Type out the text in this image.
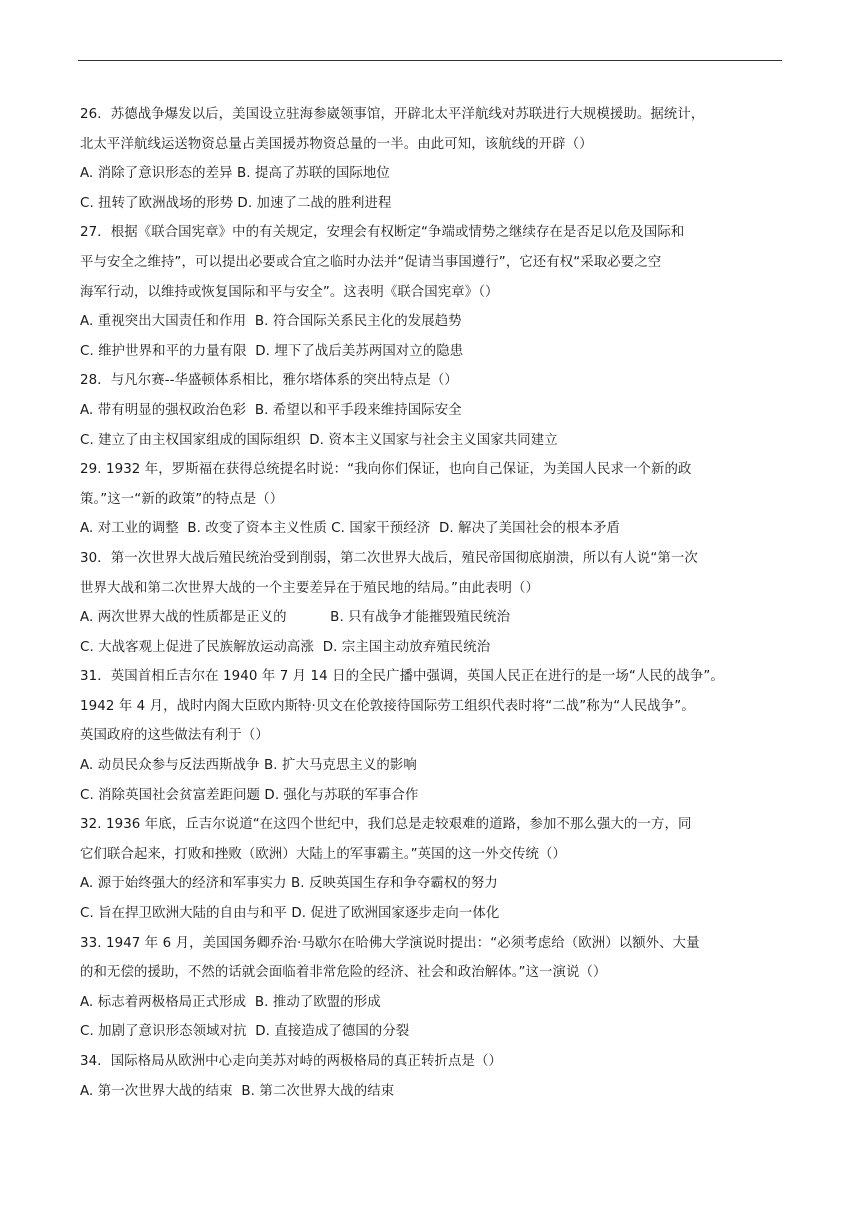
26．苏德战争爆发以后，美国设立驻海参崴领事馆，开辟北太平洋航线对苏联进行大规模援助。据统计，
北太平洋航线运送物资总量占美国援苏物资总量的一半。由此可知，该航线的开辟（）
A. 消除了意识形态的差异 B. 提高了苏联的国际地位
C. 扭转了欧洲战场的形势 D. 加速了二战的胜利进程
27．根据《联合国宪章》中的有关规定，安理会有权断定“争端或情势之继续存在是否足以危及国际和
平与安全之维持”，可以提出必要或合宜之临时办法并“促请当事国遵行”，它还有权“采取必要之空
海军行动，以维持或恢复国际和平与安全”。这表明《联合国宪章》（）
A. 重视突出大国责任和作用  B. 符合国际关系民主化的发展趋势
C. 维护世界和平的力量有限  D. 埋下了战后美苏两国对立的隐患
28．与凡尔赛--华盛顿体系相比，雅尔塔体系的突出特点是（）
A. 带有明显的强权政治色彩  B. 希望以和平手段来维持国际安全
C. 建立了由主权国家组成的国际组织  D. 资本主义国家与社会主义国家共同建立
29. 1932 年，罗斯福在获得总统提名时说：“我向你们保证，也向自己保证，为美国人民求一个新的政
策。”这一“新的政策”的特点是（）
A. 对工业的调整  B. 改变了资本主义性质 C. 国家干预经济  D. 解决了美国社会的根本矛盾
30．第一次世界大战后殖民统治受到削弱，第二次世界大战后，殖民帝国彻底崩溃，所以有人说“第一次
世界大战和第二次世界大战的一个主要差异在于殖民地的结局。”由此表明（）
A. 两次世界大战的性质都是正义的          B. 只有战争才能摧毁殖民统治
C. 大战客观上促进了民族解放运动高涨  D. 宗主国主动放弃殖民统治
31．英国首相丘吉尔在 1940 年 7 月 14 日的全民广播中强调，英国人民正在进行的是一场“人民的战争”。
1942 年 4 月，战时内阁大臣欧内斯特·贝文在伦敦接待国际劳工组织代表时将“二战”称为“人民战争”。
英国政府的这些做法有利于（）
A. 动员民众参与反法西斯战争 B. 扩大马克思主义的影响
C. 消除英国社会贫富差距问题 D. 强化与苏联的军事合作
32. 1936 年底，丘吉尔说道“在这四个世纪中，我们总是走较艰难的道路，参加不那么强大的一方，同
它们联合起来，打败和挫败（欧洲）大陆上的军事霸主。”英国的这一外交传统（）
A. 源于始终强大的经济和军事实力 B. 反映英国生存和争夺霸权的努力
C. 旨在捍卫欧洲大陆的自由与和平 D. 促进了欧洲国家逐步走向一体化
33. 1947 年 6 月，美国国务卿乔治·马歇尔在哈佛大学演说时提出：“必须考虑给（欧洲）以额外、大量
的和无偿的援助，不然的话就会面临着非常危险的经济、社会和政治解体。”这一演说（）
A. 标志着两极格局正式形成  B. 推动了欧盟的形成
C. 加剧了意识形态领域对抗  D. 直接造成了德国的分裂
34．国际格局从欧洲中心走向美苏对峙的两极格局的真正转折点是（）
A. 第一次世界大战的结束  B. 第二次世界大战的结束
